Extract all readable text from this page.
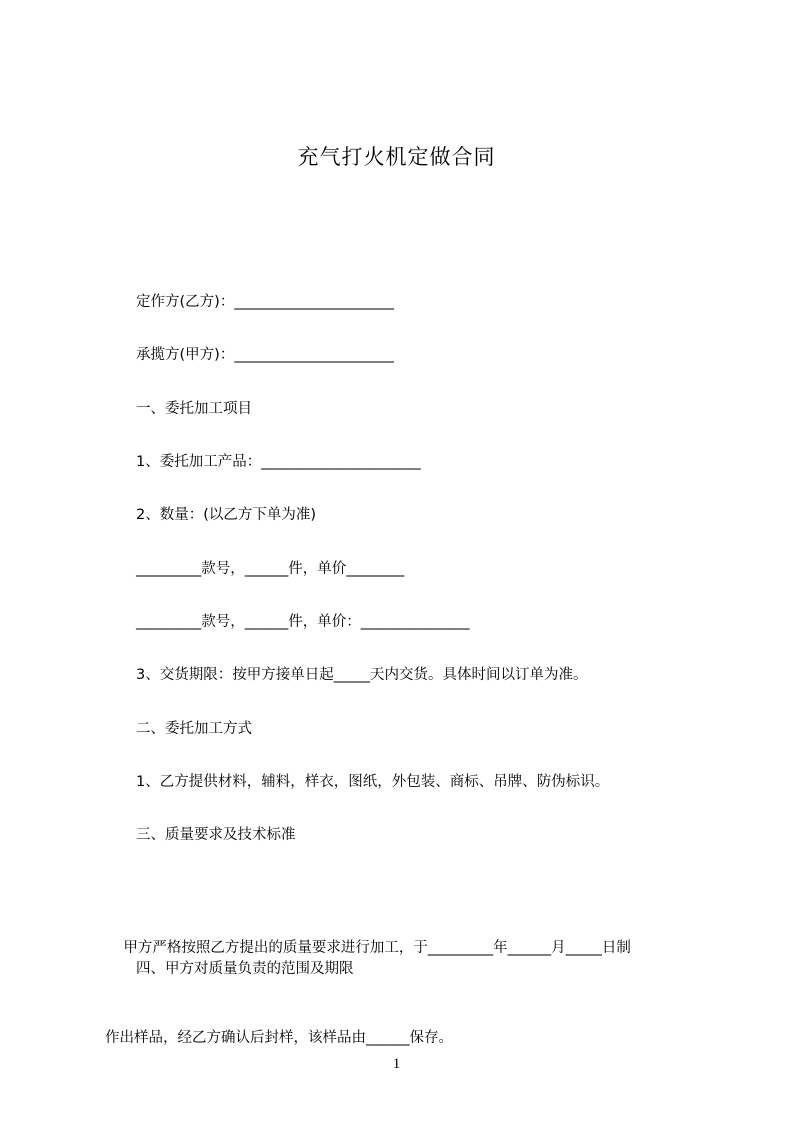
充气打火机定做合同
定作方(乙方)：______________________
承揽方(甲方)：______________________
一、委托加工项目
1、委托加工产品：______________________
2、数量：(以乙方下单为准)
_________款号，______件，单价________
_________款号，______件，单价：_______________
3、交货期限：按甲方接单日起_____天内交货。具体时间以订单为准。
二、委托加工方式
1、乙方提供材料，辅料，样衣，图纸，外包装、商标、吊牌、防伪标识。
三、质量要求及技术标准

甲方严格按照乙方提出的质量要求进行加工，于_________年______月_____日制

作出样品，经乙方确认后封样，该样品由______保存。

四、甲方对质量负责的范围及期限
1
